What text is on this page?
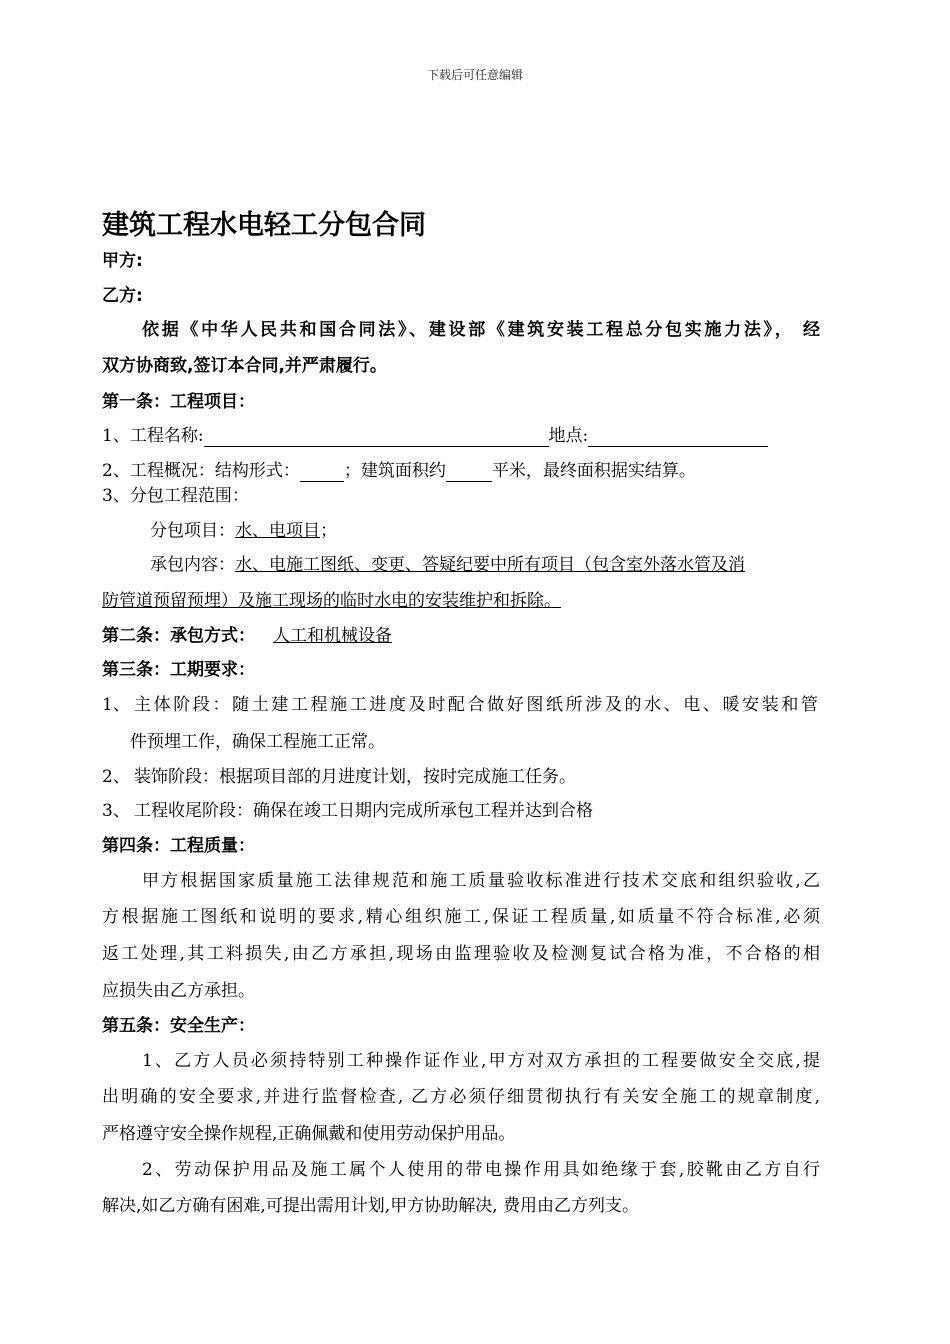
下载后可任意编辑
建筑工程水电轻工分包合同
甲方:
乙方:
依据《中华人民共和国合同法》、建设部《建筑安装工程总分包实施力法》， 经
双方协商致,签订本合同,并严肃履行。
第一条：工程项目：
1、工程名称:	地点:
2、工程概况：结构形式：	；建筑面积约	平米，最终面积据实结算。
3、分包工程范围：
分包项目：水、电项目；
承包内容：水、电施工图纸、变更、答疑纪要中所有项目（包含室外落水管及消
防管道预留预埋）及施工现场的临时水电的安装维护和拆除。
第二条：承包方式： 人工和机械设备
第三条：工期要求：
1、 主体阶段：随土建工程施工进度及时配合做好图纸所涉及的水、电、暖安装和管
件预埋工作，确保工程施工正常。
2、 装饰阶段：根据项目部的月进度计划，按时完成施工任务。
3、 工程收尾阶段：确保在竣工日期内完成所承包工程并达到合格
第四条：工程质量：
甲方根据国家质量施工法律规范和施工质量验收标准进行技术交底和组织验收,乙
方根据施工图纸和说明的要求,精心组织施工,保证工程质量,如质量不符合标准,必须
返工处理,其工料损失,由乙方承担,现场由监理验收及检测复试合格为准，不合格的相
应损失由乙方承担。
第五条：安全生产：
1、乙方人员必须持特别工种操作证作业,甲方对双方承担的工程要做安全交底,提
出明确的安全要求,并进行监督检查, 乙方必须仔细贯彻执行有关安全施工的规章制度,
严格遵守安全操作规程,正确佩戴和使用劳动保护用品。
2、劳动保护用品及施工属个人使用的带电操作用具如绝缘于套,胶靴由乙方自行
解决,如乙方确有困难,可提出需用计划,甲方协助解决, 费用由乙方列支。
